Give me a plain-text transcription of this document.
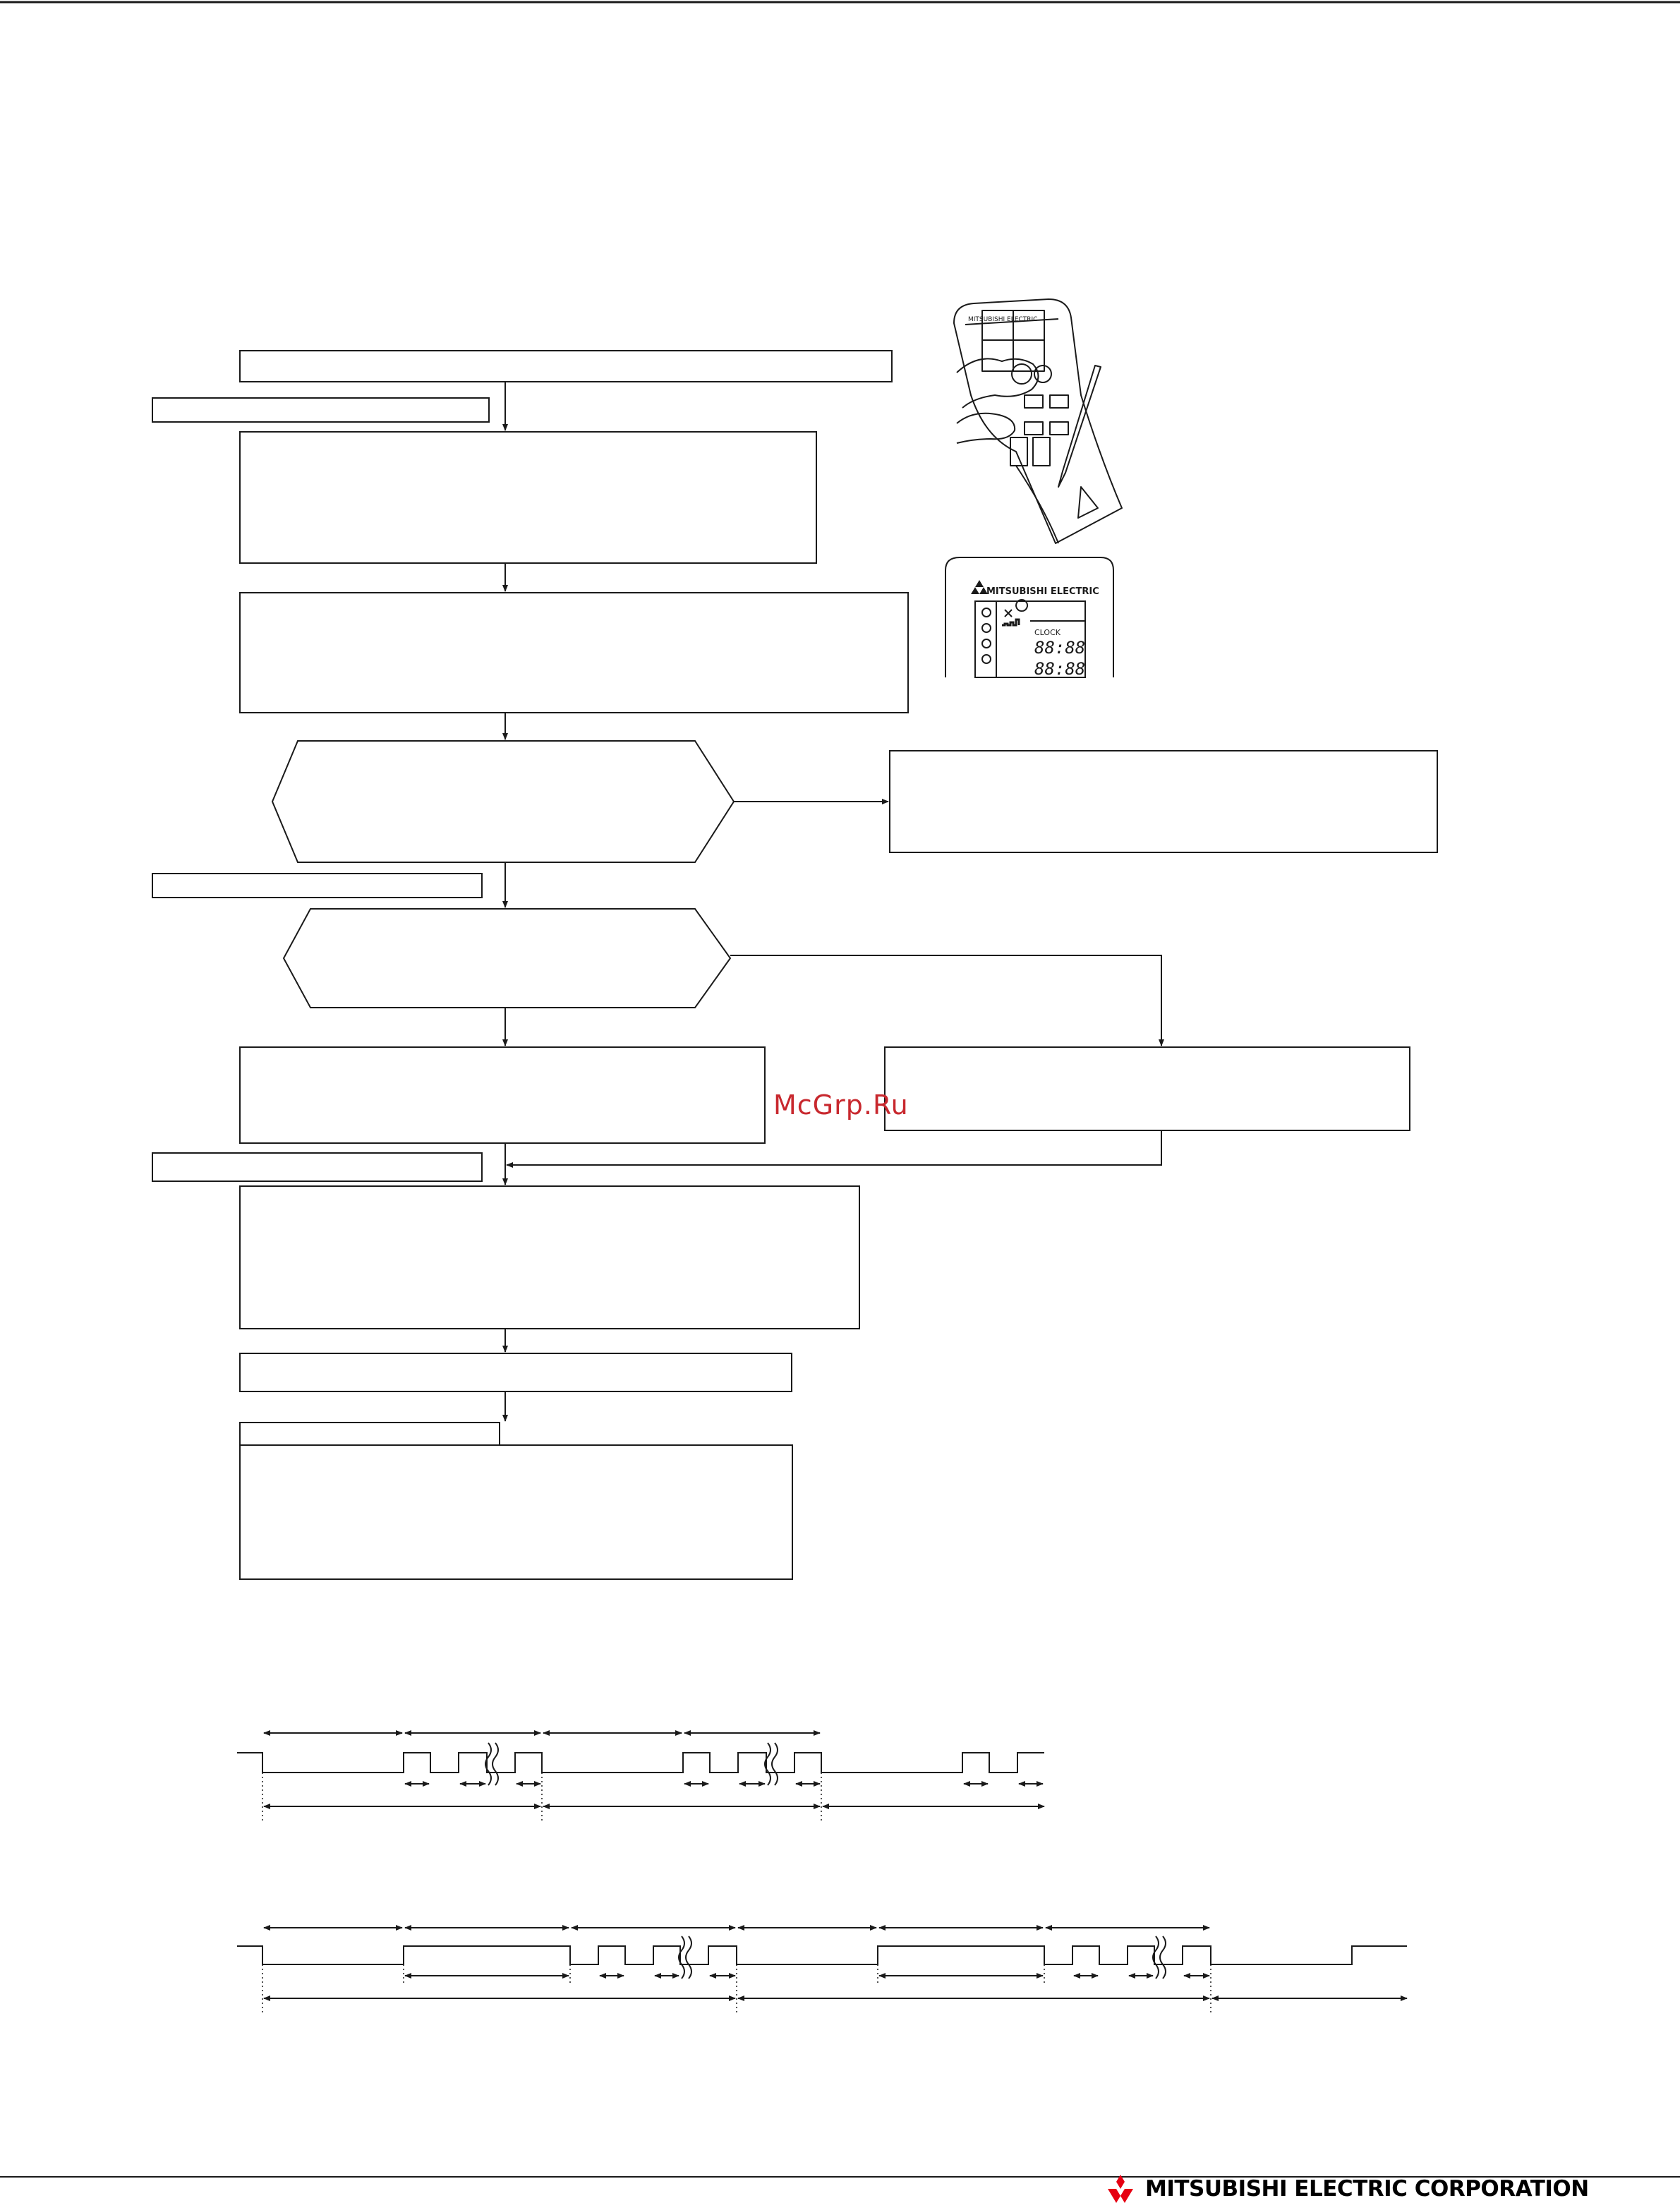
MITSUBISHI ELECTRIC
MITSUBISHI ELECTRIC
CLOCK
88:88
88:88
McGrp.Ru
MITSUBISHI ELECTRIC CORPORATION
